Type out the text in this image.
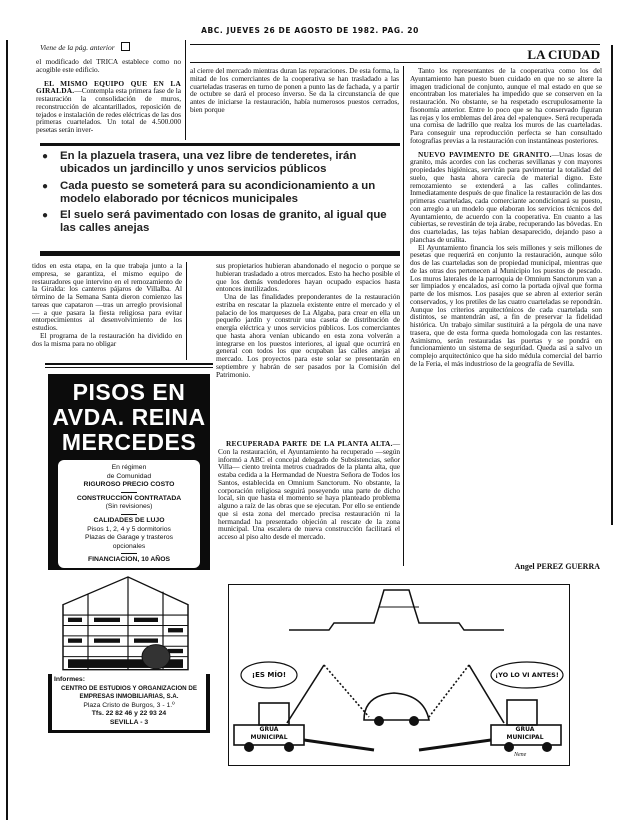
ABC. JUEVES 26 DE AGOSTO DE 1982. PAG. 20
Viene de la pág. anterior	LA CIUDAD

el modificado del TRICA establece como no acogible este edificio.

EL MISMO EQUIPO QUE EN LA GIRALDA.—Contempla esta primera fase de la restauración la consolidación de muros, reconstrucción de alcantarillados, reposición de tejados e instalación de redes eléctricas de las dos primeras cuartelados. Un total de 4.500.000 pesetas serán inver-

al cierre del mercado mientras duran las reparaciones. De esta forma, la mitad de los comerciantes de la cooperativa se han trasladado a las cuarteladas traseras en turno de ponen a punto las de fachada, y a partir de octubre se dará el proceso inverso. Se da la circunstancia de que antes de iniciarse la restauración, había numerosos puestos cerrados, bien porque

●	En la plazuela trasera, una vez libre de tenderetes, irán ubicados un jardincillo y unos servicios públicos
●	Cada puesto se someterá para su acondicionamiento a un modelo elaborado por técnicos municipales
●	El suelo será pavimentado con losas de granito, al igual que las calles anejas

tidos en esta etapa, en la que trabaja junto a la empresa, se garantiza, el mismo equipo de restauradores que intervino en el remozamiento de la Giralda: los canteros pájaros de Villalba. Al término de la Semana Santa dieron comienzo las tareas que capataron —tras un arreglo provisional— a que pasara la fiesta religiosa para evitar entorpecimientos al desenvolvimiento de los estudios.

El programa de la restauración ha dividido en dos la misma para no obligar

sus propietarios hubieran abandonado el negocio o porque se hubieran trasladado a otros mercados. Esto ha hecho posible el que los demás vendedores hayan ocupado espacios hasta entonces inutilizados.

Una de las finalidades preponderantes de la restauración estriba en rescatar la plazuela existente entre el mercado y el palacio de los marqueses de La Algaba, para crear en ella un pequeño jardín y construir una caseta de distribución de energía eléctrica y unos servicios públicos. Los comerciantes que hasta ahora venían ubicando en esta zona volverán a integrarse en los puestos interiores, al igual que ocurrirá en general con todos los que ocupaban las calles anejas al mercado. Los proyectos para este solar se presentarán en septiembre y habrán de ser pasados por la Comisión del Patrimonio.

RECUPERADA PARTE DE LA PLANTA ALTA.—Con la restauración, el Ayuntamiento ha recuperado —según informó a ABC el concejal delegado de Subsistencias, señor Villa— ciento treinta metros cuadrados de la planta alta, que estaba cedida a la Hermandad de Nuestra Señora de Todos los Santos, establecida en Omnium Sanctorum. No obstante, la corporación religiosa seguirá poseyendo una parte de dicho local, sin que hasta el momento se haya planteado problema alguno a raíz de las obras que se ejecutan. Por ello se entiende que si esta zona del mercado precisa restauración ni la hermandad ha presentado objeción al rescate de la zona municipal. Una escalera de nueva construcción facilitará el acceso al piso alto desde el mercado.

Tanto los representantes de la cooperativa como los del Ayuntamiento han puesto buen cuidado en que no se altere la imagen tradicional de conjunto, aunque el mal estado en que se encontraban los materiales ha impedido que se conserven en la restauración. No obstante, se ha respetado escrupulosamente la fisonomía anterior. Entre lo poco que se ha conservado figuran las rejas y los emblemas del área del «palenque». Será recuperada una cornisa de ladrillo que realza los muros de las cuarteladas. Para conseguir una reproducción perfecta se han consultado fotografías previas a la restauración con instantáneas posteriores.

NUEVO PAVIMENTO DE GRANITO.—Unas losas de granito, más acordes con las cocheras sevillanas y con mayores propiedades higiénicas, servirán para pavimentar la totalidad del suelo, que hasta ahora carecía de material digno. Este remozamiento se extenderá a las calles colindantes. Inmediatamente después de que finalice la restauración de las dos primeras cuarteladas, cada comerciante acondicionará su puesto, con arreglo a un modelo que elaboran los servicios técnicos del Ayuntamiento, de acuerdo con la cooperativa. En cuanto a las cubiertas, se revestirán de teja árabe, recuperando las bóvedas. En dos cuarteladas, las tejas habían desaparecido, dejando paso a planchas de uralita.

El Ayuntamiento financia los seis millones y seis millones de pesetas que requerirá en conjunto la restauración, aunque sólo dos de las cuarteladas son de propiedad municipal, mientras que de las otras dos pertenecen al Municipio los puestos de pescado. Los muros laterales de la parroquia de Omnium Sanctorum van a ser limpiados y encalados, así como la portada ojival que forma parte de los mismos. Los pasajes que se abren al exterior serán conservados, y los pretiles de las cuatro cuarteladas se repondrán. Aunque los criterios arquitectónicos de cada cuartelada son distintos, se mantendrán así, a fin de preservar la fidelidad histórica. Un trabajo similar sustituirá a la pérgola de una nave trasera, que de esta forma queda homologada con las restantes. Asimismo, serán restauradas las puertas y se pondrá en funcionamiento un sistema de seguridad. Queda así a salvo un complejo arquitectónico que ha sido médula comercial del barrio de la Feria, el más industrioso de la geografía de Sevilla.

Angel PEREZ GUERRA
PISOS EN
AVDA. REINA
MERCEDES
En régimen
de Comunidad
RIGUROSO PRECIO COSTO
CONSTRUCCION CONTRATADA
(Sin revisiones)
CALIDADES DE LUJO
Pisos 1, 2, 4 y 5 dormitorios
Plazas de Garage y trasteros
opcionales
FINANCIACION, 10 AÑOS
Informes:
CENTRO DE ESTUDIOS Y ORGANIZACION DE
EMPRESAS INMOBILIARIAS, S.A.
Plaza Cristo de Burgos, 3 - 1.º
Tfs. 22 82 46 y 22 93 24
SEVILLA - 3
¡ES MÍO!	¡YO LO VI ANTES!
GRUA
MUNICIPAL
GRUA
MUNICIPAL
Nene
